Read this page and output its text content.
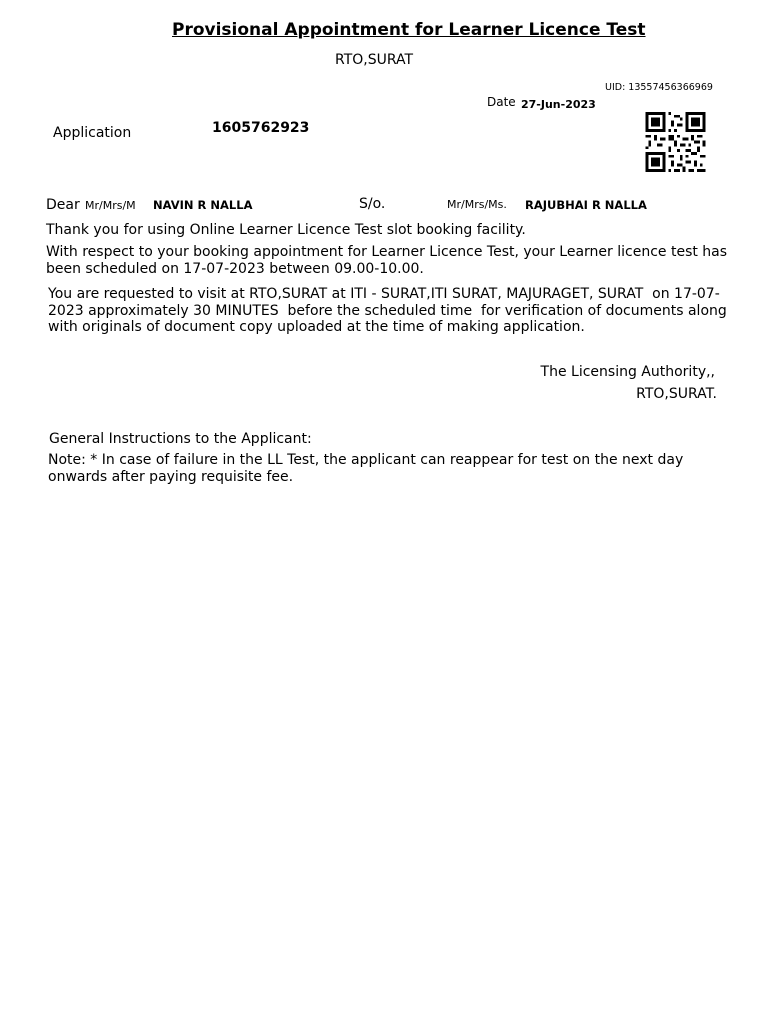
Provisional Appointment for Learner Licence Test
RTO,SURAT
UID: 13557456366969
Date 27-Jun-2023
Application	1605762923
Dear Mr/Mrs/M NAVIN R NALLA	S/o.	Mr/Mrs/Ms. RAJUBHAI R NALLA
Thank you for using Online Learner Licence Test slot booking facility.
With respect to your booking appointment for Learner Licence Test, your Learner licence test has been scheduled on 17-07-2023 between 09.00-10.00.
You are requested to visit at RTO,SURAT at ITI - SURAT,ITI SURAT, MAJURAGET, SURAT  on 17-07-2023 approximately 30 MINUTES  before the scheduled time  for verification of documents along with originals of document copy uploaded at the time of making application.
The Licensing Authority,,
RTO,SURAT.
General Instructions to the Applicant:
Note: * In case of failure in the LL Test, the applicant can reappear for test on the next day onwards after paying requisite fee.
